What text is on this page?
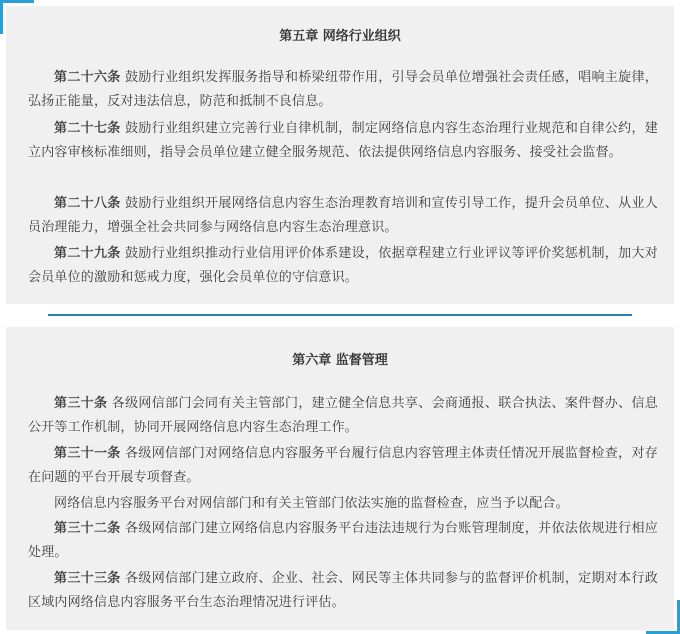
第五章 网络行业组织

第二十六条 鼓励行业组织发挥服务指导和桥梁纽带作用，引导会员单位增强社会责任感，唱响主旋律，弘扬正能量，反对违法信息，防范和抵制不良信息。

第二十七条 鼓励行业组织建立完善行业自律机制，制定网络信息内容生态治理行业规范和自律公约，建立内容审核标准细则，指导会员单位建立健全服务规范、依法提供网络信息内容服务、接受社会监督。

第二十八条 鼓励行业组织开展网络信息内容生态治理教育培训和宣传引导工作，提升会员单位、从业人员治理能力，增强全社会共同参与网络信息内容生态治理意识。

第二十九条 鼓励行业组织推动行业信用评价体系建设，依据章程建立行业评议等评价奖惩机制，加大对会员单位的激励和惩戒力度，强化会员单位的守信意识。

第六章 监督管理

第三十条 各级网信部门会同有关主管部门，建立健全信息共享、会商通报、联合执法、案件督办、信息公开等工作机制，协同开展网络信息内容生态治理工作。

第三十一条 各级网信部门对网络信息内容服务平台履行信息内容管理主体责任情况开展监督检查，对存在问题的平台开展专项督查。

网络信息内容服务平台对网信部门和有关主管部门依法实施的监督检查，应当予以配合。

第三十二条 各级网信部门建立网络信息内容服务平台违法违规行为台账管理制度，并依法依规进行相应处理。

第三十三条 各级网信部门建立政府、企业、社会、网民等主体共同参与的监督评价机制，定期对本行政区域内网络信息内容服务平台生态治理情况进行评估。
